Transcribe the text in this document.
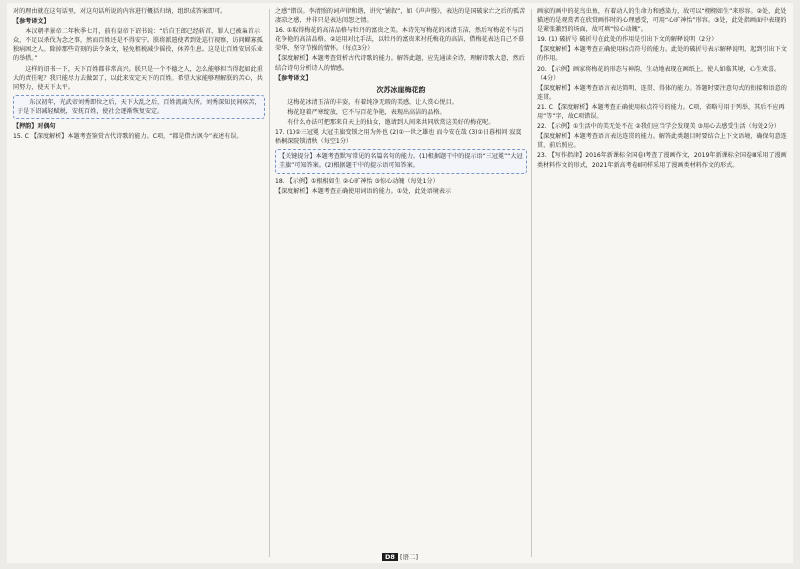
对的理由就在这句话里，对这句话所说的内容进行概括归纳，组织成答案即可。
【参考译文】
本汉朝孝景帝二年秋季七月，前有皇帝下诏书说：“后自王郎已经斩首，罪人已被枭首示众，不足以杀伐为念之事，然而百姓还是不得安宁。朕将派遣使者到处巡行视察，访问鳏寡孤独病困之人。除掉那些苛刻的法令条文，轻免租税减少徭役，休养生息。这是让百姓安居乐业的举措。”
这样的诏书一下，天下百姓都非常高兴。朕只是一个不德之人，怎么能够担当得起如此重大的责任呢？我只能尽力去做罢了，以此来安定天下的百姓。希望大家能够理解朕的苦心，共同努力，使天下太平。
东汉初年，光武帝刘秀即位之后，天下大乱之后，百姓流离失所。刘秀深知民间疾苦，于是下诏减轻赋税，安抚百姓，使社会逐渐恢复安定。
【押韵】对偶句
15. C 【深度解析】本题考查鉴赏古代诗歌的能力。C项，“都是借古讽今”表述有误。
之感”错误。李清照的词声律和谐，讲究“铺叙”，如《声声慢》，表达的是国破家亡之后的孤苦凄凉之感，并非只是表达闺怨之情。
16. ①取得梅花的高洁品格与牡丹的富贵之美。本诗先写梅花的冰清玉洁，然后写梅花不与百花争艳的高洁品格。②运用对比手法，以牡丹的富贵来衬托梅花的高洁，借梅花表达自己不慕荣华、坚守节操的情怀。（每点3分）
【深度解析】本题考查赏析古代诗歌的能力。解答此题，应先通读全诗，理解诗歌大意，然后结合诗句分析诗人的情感。
【参考译文】
次苏冰崖梅花韵
这梅花冰清玉洁的丰姿，有着纯净无瑕的美感，让人赏心悦目。
梅花迎着严寒绽放，它不与百花争艳，表现出高洁的品格。
有什么办法可把那来自天上的仙女，邀请到人间来共同欣赏这美好的梅花呢。
17. (1)①三冠冕 大冠圭旗变锁之用为外也 (2)①一世之雄也 而今安在哉 (3)①日暮相问 寂寞梧桐深院锁清秋（每空1分）
【关键提分】本题考查默写常见的名篇名句的能力。(1)根据题干中的提示语“三冠冕”“大冠圭旗”可知答案。(2)根据题干中的提示语可知答案。
18. 【示例】①根相如生 ②心旷神怡 ③惊心动魄（每处1分）
【深度解析】本题考查正确使用词语的能力。①处，此处语境表示
画家的画中的花鸟虫鱼，有着动人的生命力和感染力，故可以“栩栩如生”来形容。②处，此处描述的是观赏者在欣赏画作时的心理感受，可用“心旷神怡”形容。③处，此处指画面中表现的是紧张激烈的场面，故可填“惊心动魄”。
19. (1) 破折号 破折号在此处的作用是引出下文的解释说明（2分）
【深度解析】本题考查正确使用标点符号的能力。此处的破折号表示解释说明，起到引出下文的作用。
20. 【示例】画家将梅花的形态与神韵，生动地表现在画纸上，使人如临其境，心生欢喜。（4分）
【深度解析】本题考查语言表达简明、连贯、得体的能力。答题时要注意句式的衔接和语意的连贯。
21. C 【深度解析】本题考查正确使用标点符号的能力。C项，省略号用于列举，其后不应再用“等”字，故C项错误。
22. 【示例】①生活中的美无处不在 ②我们应当学会发现美 ③用心去感受生活（每处2分）
【深度解析】本题考查语言表达连贯的能力。解答此类题目时要结合上下文语境，确保句意连贯、前后照应。
23. 【写作指津】2016年新课标全国卷Ⅰ考查了漫画作文，2019年新课标全国卷Ⅲ采用了漫画类材料作文的形式，2021年新高考卷Ⅱ同样采用了漫画类材料作文的形式。
D8 [语二]
